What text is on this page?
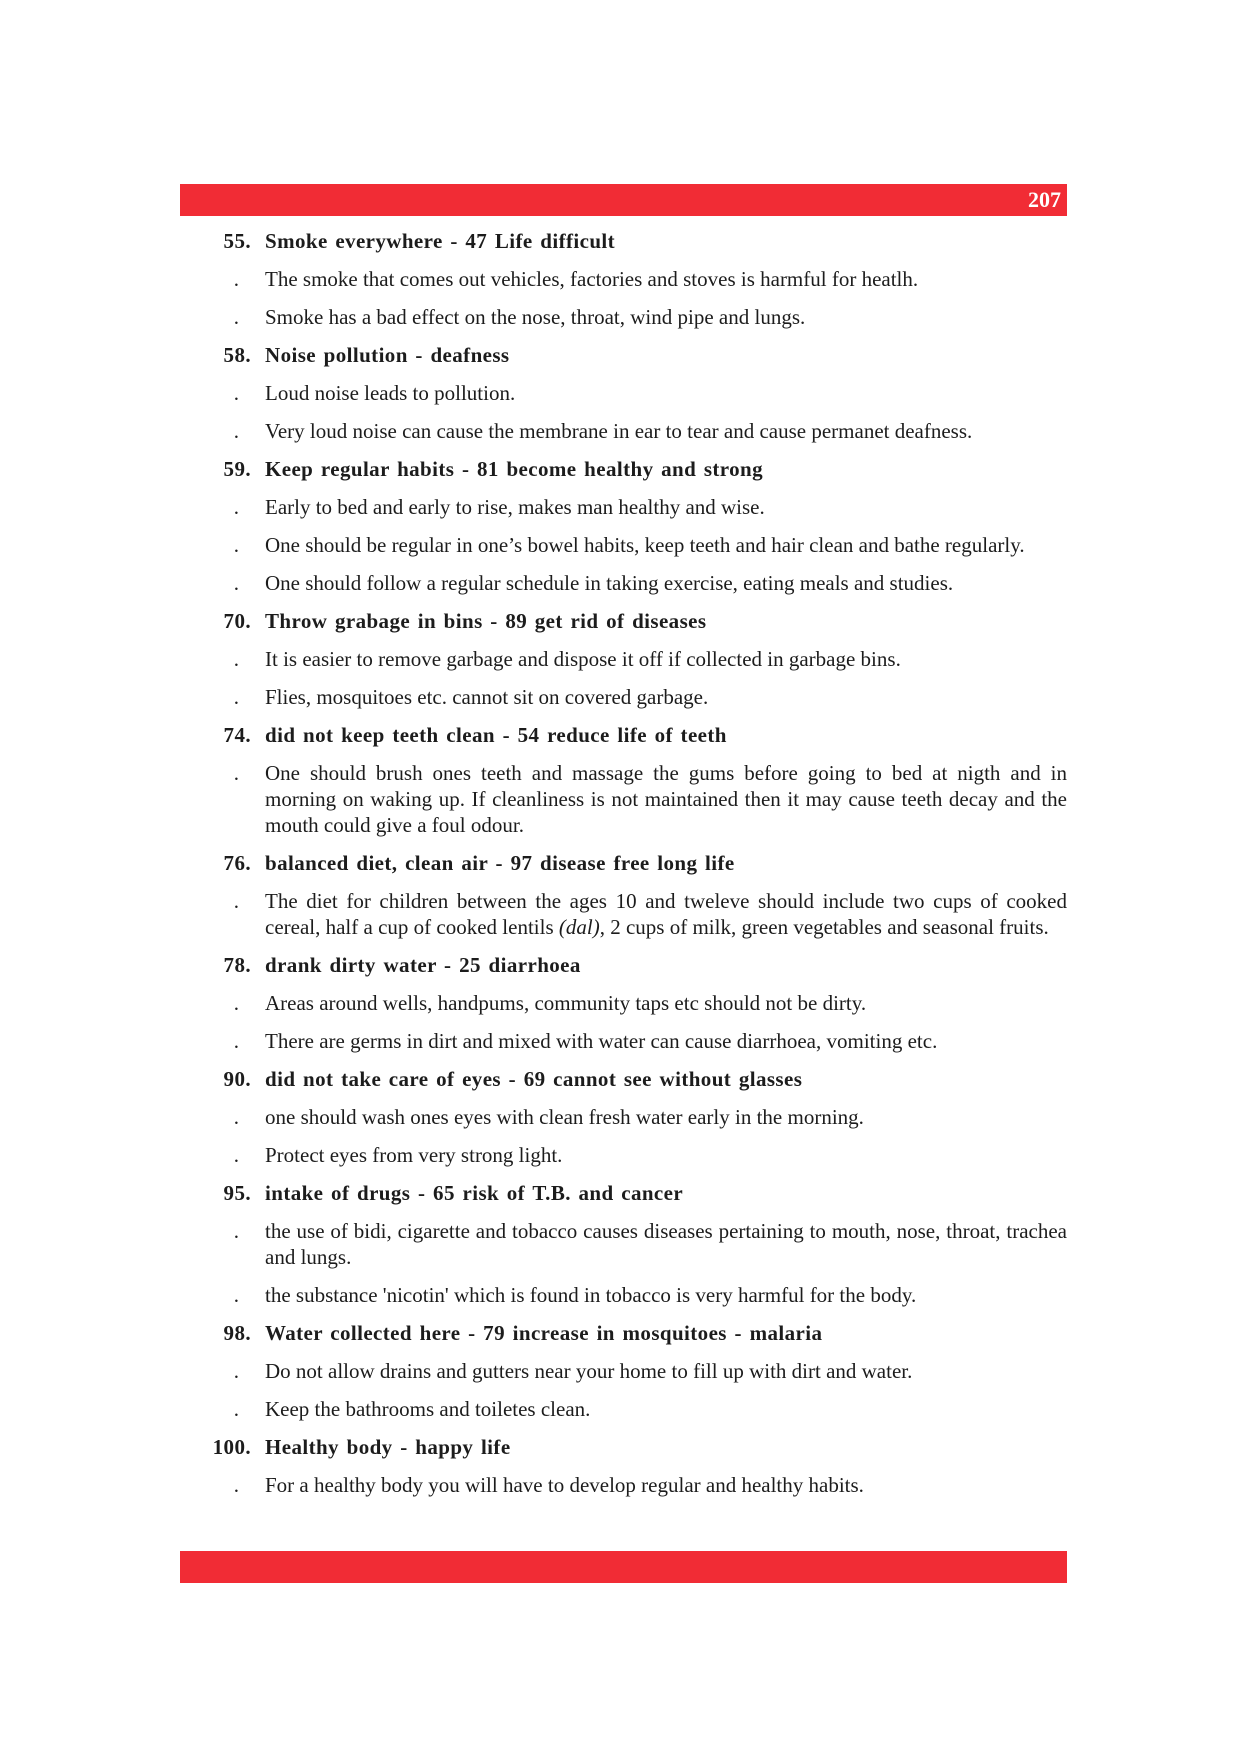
207
55. Smoke everywhere - 47 Life difficult
.	The smoke that comes out vehicles, factories and stoves is harmful for heatlh.
.	Smoke has a bad effect on the nose, throat, wind pipe and lungs.
58. Noise pollution - deafness
.	Loud noise leads to pollution.
.	Very loud noise can cause the membrane in ear to tear and cause permanet deafness.
59. Keep regular habits - 81 become healthy and strong
.	Early to bed and early to rise, makes man healthy and wise.
.	One should be regular in one’s bowel habits, keep teeth and hair clean and bathe regularly.
.	One should follow a regular schedule in taking exercise, eating meals and studies.
70. Throw grabage in bins - 89 get rid of diseases
.	It is easier to remove garbage and dispose it off if collected in garbage bins.
.	Flies, mosquitoes etc. cannot sit on covered garbage.
74. did not keep teeth clean - 54 reduce life of teeth
.	One should brush ones teeth and massage the gums before going to bed at nigth and in morning on waking up. If cleanliness is not maintained then it may cause teeth decay and the mouth could give a foul odour.
76. balanced diet, clean air - 97 disease free long life
.	The diet for children between the ages 10 and tweleve should include two cups of cooked cereal, half a cup of cooked lentils (dal), 2 cups of milk, green vegetables and seasonal fruits.
78. drank dirty water - 25 diarrhoea
.	Areas around wells, handpums, community taps etc should not be dirty.
.	There are germs in dirt and mixed with water can cause diarrhoea, vomiting etc.
90. did not take care of eyes - 69 cannot see without glasses
.	one should wash ones eyes with clean fresh water early in the morning.
.	Protect eyes from very strong light.
95. intake of drugs - 65 risk of T.B. and cancer
.	the use of bidi, cigarette and tobacco causes diseases pertaining to mouth, nose, throat, trachea and lungs.
.	the substance 'nicotin' which is found in tobacco is very harmful for the body.
98. Water collected here - 79 increase in mosquitoes - malaria
.	Do not allow drains and gutters near your home to fill up with dirt and water.
.	Keep the bathrooms and toiletes clean.
100. Healthy body - happy life
.	For a healthy body you will have to develop regular and healthy habits.
